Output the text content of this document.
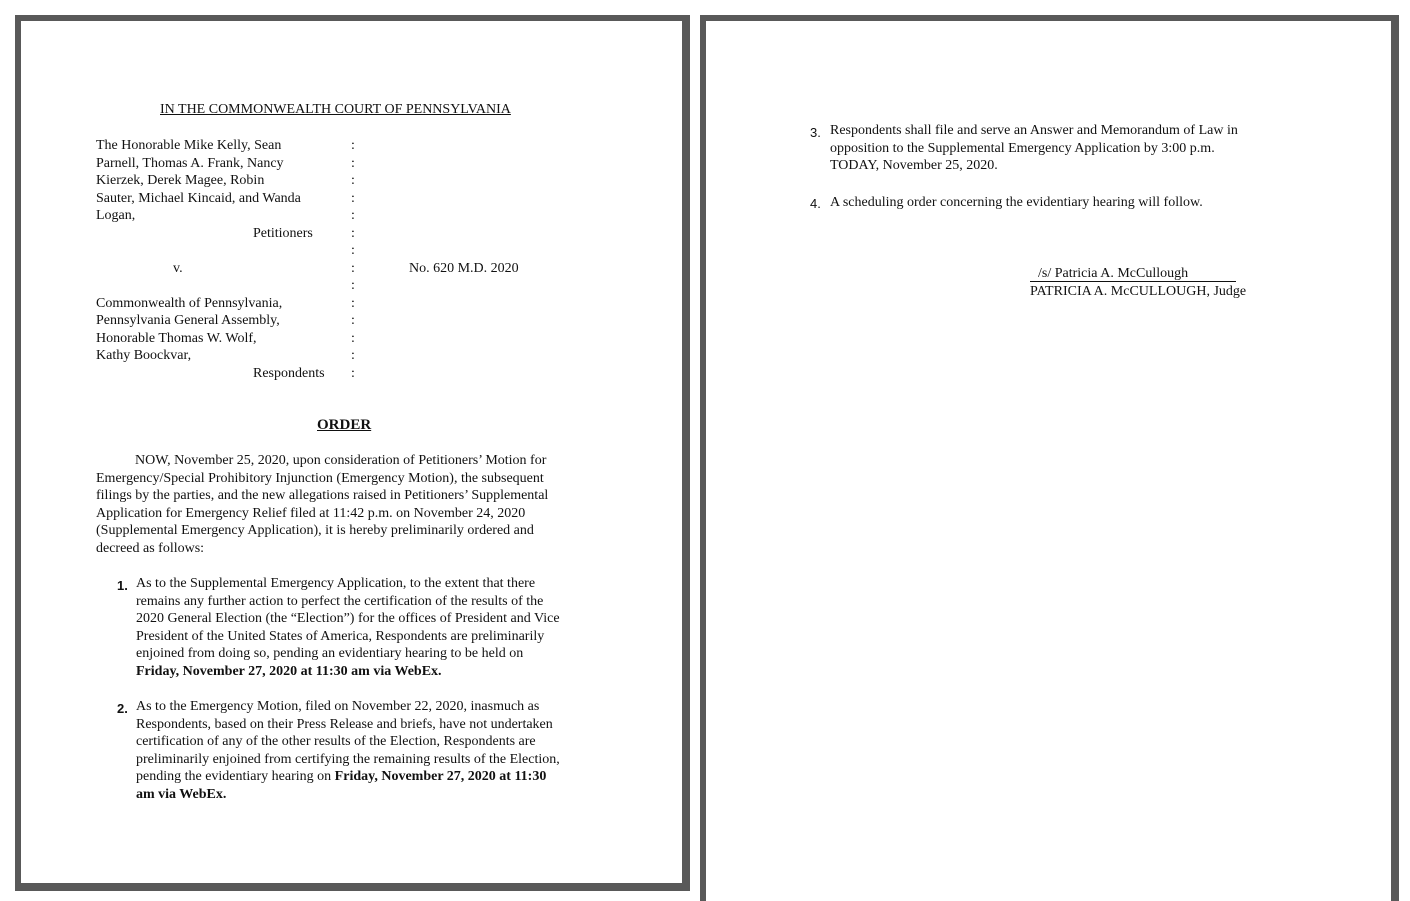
IN THE COMMONWEALTH COURT OF PENNSYLVANIA
The Honorable Mike Kelly, Sean
Parnell, Thomas A. Frank, Nancy
Kierzek, Derek Magee, Robin
Sauter, Michael Kincaid, and Wanda
Logan,
Petitioners
v.	No. 620 M.D. 2020
Commonwealth of Pennsylvania,
Pennsylvania General Assembly,
Honorable Thomas W. Wolf,
Kathy Boockvar,
Respondents
:
:
:
:
:
:
:
:
:
:
:
:
:
:
ORDER
NOW, November 25, 2020, upon consideration of Petitioners’ Motion for
Emergency/Special Prohibitory Injunction (Emergency Motion), the subsequent
filings by the parties, and the new allegations raised in Petitioners’ Supplemental
Application for Emergency Relief filed at 11:42 p.m. on November 24, 2020
(Supplemental Emergency Application), it is hereby preliminarily ordered and
decreed as follows:
1. As to the Supplemental Emergency Application, to the extent that there
remains any further action to perfect the certification of the results of the
2020 General Election (the “Election”) for the offices of President and Vice
President of the United States of America, Respondents are preliminarily
enjoined from doing so, pending an evidentiary hearing to be held on
Friday, November 27, 2020 at 11:30 am via WebEx.
2. As to the Emergency Motion, filed on November 22, 2020, inasmuch as
Respondents, based on their Press Release and briefs, have not undertaken
certification of any of the other results of the Election, Respondents are
preliminarily enjoined from certifying the remaining results of the Election,
pending the evidentiary hearing on Friday, November 27, 2020 at 11:30
am via WebEx.
3. Respondents shall file and serve an Answer and Memorandum of Law in
opposition to the Supplemental Emergency Application by 3:00 p.m.
TODAY, November 25, 2020.
4. A scheduling order concerning the evidentiary hearing will follow.
/s/ Patricia A. McCullough
PATRICIA A. McCULLOUGH, Judge
